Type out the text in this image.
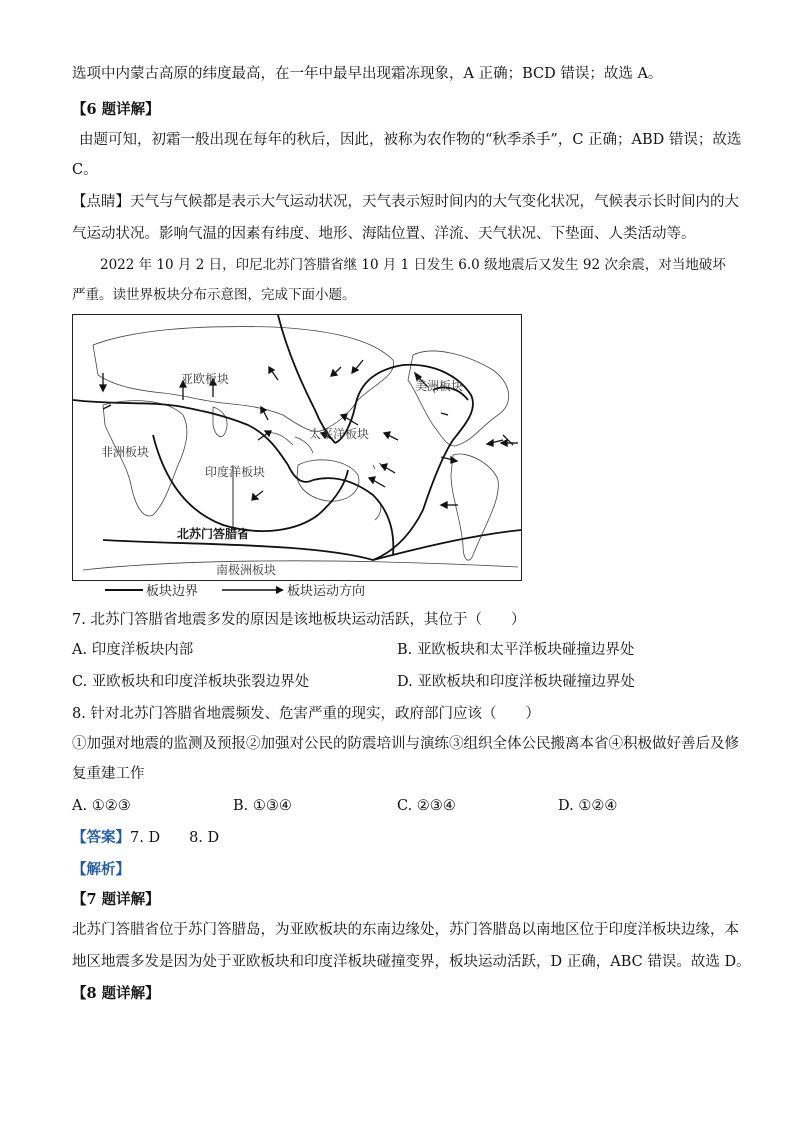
选项中内蒙古高原的纬度最高，在一年中最早出现霜冻现象，A 正确；BCD 错误；故选 A。
【6 题详解】
由题可知，初霜一般出现在每年的秋后，因此，被称为农作物的“秋季杀手”，C 正确；ABD 错误；故选
C。
【点睛】天气与气候都是表示大气运动状况，天气表示短时间内的大气变化状况，气候表示长时间内的大
气运动状况。影响气温的因素有纬度、地形、海陆位置、洋流、天气状况、下垫面、人类活动等。
2022 年 10 月 2 日，印尼北苏门答腊省继 10 月 1 日发生 6.0 级地震后又发生 92 次余震，对当地破坏
严重。读世界板块分布示意图，完成下面小题。
亚欧板块	美洲板块
太平洋板块
非洲板块
印度洋板块
北苏门答腊省
南极洲板块
板块边界	板块运动方向
7. 北苏门答腊省地震多发的原因是该地板块运动活跃，其位于（　　）
A. 印度洋板块内部	B. 亚欧板块和太平洋板块碰撞边界处
C. 亚欧板块和印度洋板块张裂边界处	D. 亚欧板块和印度洋板块碰撞边界处
8. 针对北苏门答腊省地震频发、危害严重的现实，政府部门应该（　　）
①加强对地震的监测及预报②加强对公民的防震培训与演练③组织全体公民搬离本省④积极做好善后及修
复重建工作
A. ①②③	B. ①③④	C. ②③④	D. ①②④
【答案】7. D　　8. D
【解析】
【7 题详解】
北苏门答腊省位于苏门答腊岛，为亚欧板块的东南边缘处，苏门答腊岛以南地区位于印度洋板块边缘，本
地区地震多发是因为处于亚欧板块和印度洋板块碰撞变界，板块运动活跃，D 正确，ABC 错误。故选 D。
【8 题详解】
